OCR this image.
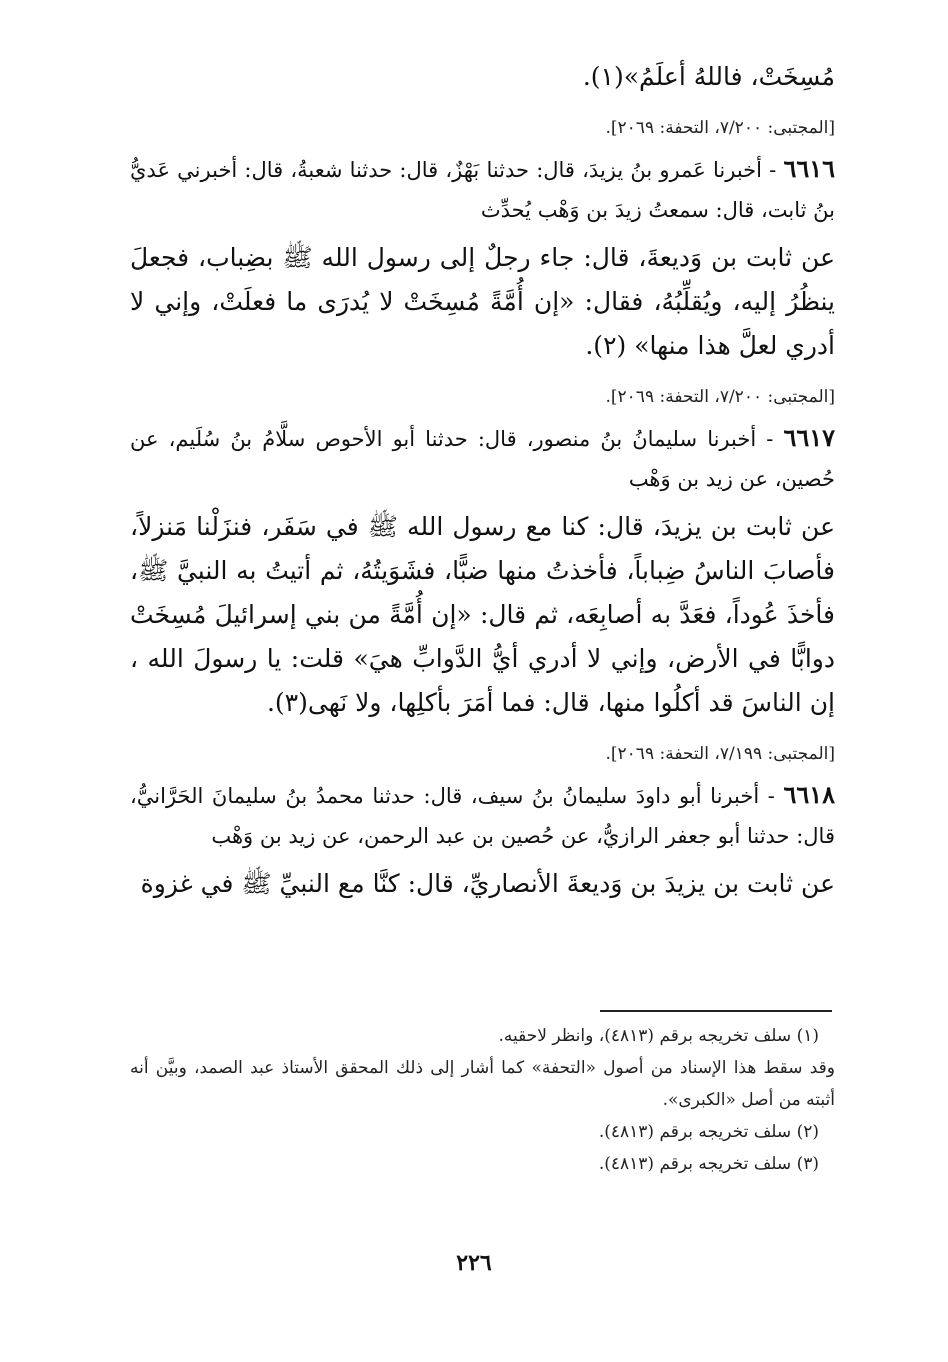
مُسِخَتْ، فاللهُ أعلَمُ»(١).

[المجتبى: ٧/٢٠٠، التحفة: ٢٠٦٩].

٦٦١٦ - أخبرنا عَمرو بنُ يزيدَ، قال: حدثنا بَهْزٌ، قال: حدثنا شعبةُ، قال: أخبرني عَديُّ بنُ ثابت، قال: سمعتُ زيدَ بن وَهْب يُحدِّث

عن ثابت بن وَديعةَ، قال: جاء رجلٌ إلى رسول الله ﷺ بضِباب، فجعلَ ينظُرُ إليه، ويُقلِّبُهُ، فقال: «إن أُمَّةً مُسِخَتْ لا يُدرَى ما فعلَتْ، وإني لا أدري لعلَّ هذا منها» (٢).

[المجتبى: ٧/٢٠٠، التحفة: ٢٠٦٩].

٦٦١٧ - أخبرنا سليمانُ بنُ منصور، قال: حدثنا أبو الأحوص سلَّامُ بنُ سُلَيم، عن حُصين، عن زيد بن وَهْب

عن ثابت بن يزيدَ، قال: كنا مع رسول الله ﷺ في سَفَر، فنزَلْنا مَنزلاً، فأصابَ الناسُ ضِباباً، فأخذتُ منها ضبًّا، فشَوَيتُهُ، ثم أتيتُ به النبيَّ ﷺ، فأخذَ عُوداً، فعَدَّ به أصابِعَه، ثم قال: «إن أُمَّةً من بني إسرائيلَ مُسِخَتْ دوابًّا في الأرض، وإني لا أدري أيُّ الدَّوابِّ هيَ» قلت: يا رسولَ الله ، إن الناسَ قد أكلُوا منها، قال: فما أمَرَ بأكلِها، ولا نَهى(٣).

[المجتبى: ٧/١٩٩، التحفة: ٢٠٦٩].

٦٦١٨ - أخبرنا أبو داودَ سليمانُ بنُ سيف، قال: حدثنا محمدُ بنُ سليمانَ الحَرَّانيُّ، قال: حدثنا أبو جعفر الرازيُّ، عن حُصين بن عبد الرحمن، عن زيد بن وَهْب

عن ثابت بن يزيدَ بن وَديعةَ الأنصاريِّ، قال: كنَّا مع النبيِّ ﷺ في غزوة

(١) سلف تخريجه برقم (٤٨١٣)، وانظر لاحقيه.

وقد سقط هذا الإسناد من أصول «التحفة» كما أشار إلى ذلك المحقق الأستاذ عبد الصمد، وبيَّن أنه أثبته من أصل «الكبرى».

(٢) سلف تخريجه برقم (٤٨١٣).

(٣) سلف تخريجه برقم (٤٨١٣).

٢٢٦
